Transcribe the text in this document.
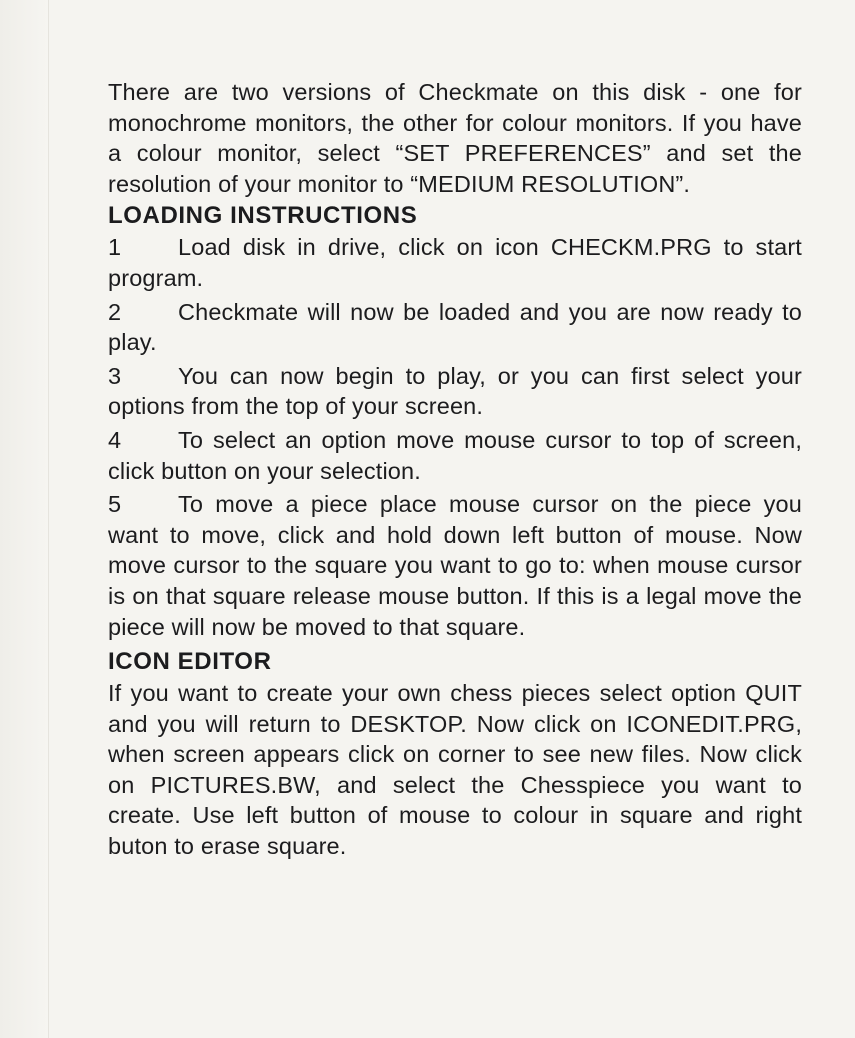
There are two versions of Checkmate on this disk - one for monochrome monitors, the other for colour monitors. If you have a colour monitor, select “SET PREFERENCES” and set the resolution of your monitor to “MEDIUM RESOLUTION”.

LOADING INSTRUCTIONS

1 Load disk in drive, click on icon CHECKM.PRG to start program.

2 Checkmate will now be loaded and you are now ready to play.

3 You can now begin to play, or you can first select your options from the top of your screen.

4 To select an option move mouse cursor to top of screen, click button on your selection.

5 To move a piece place mouse cursor on the piece you want to move, click and hold down left button of mouse. Now move cursor to the square you want to go to: when mouse cursor is on that square release mouse button. If this is a legal move the piece will now be moved to that square.

ICON EDITOR

If you want to create your own chess pieces select option QUIT and you will return to DESKTOP. Now click on ICONEDIT.PRG, when screen appears click on corner to see new files. Now click on PICTURES.BW, and select the Chesspiece you want to create. Use left button of mouse to colour in square and right buton to erase square.
